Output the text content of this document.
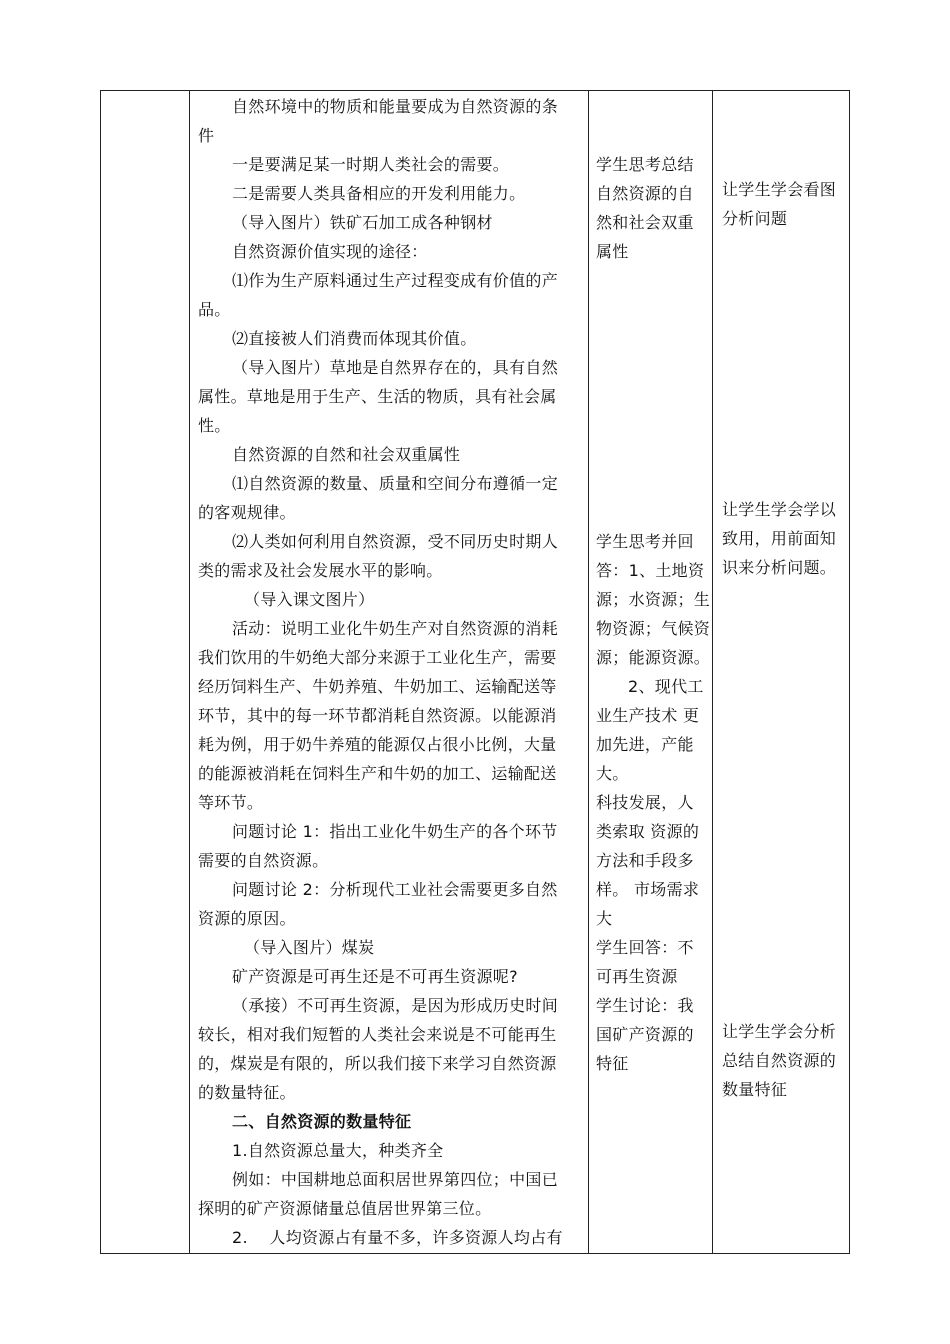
自然环境中的物质和能量要成为自然资源的条
件
一是要满足某一时期人类社会的需要。
二是需要人类具备相应的开发利用能力。
（导入图片）铁矿石加工成各种钢材
自然资源价值实现的途径：
⑴作为生产原料通过生产过程变成有价值的产
品。
⑵直接被人们消费而体现其价值。
（导入图片）草地是自然界存在的，具有自然
属性。草地是用于生产、生活的物质，具有社会属
性。
自然资源的自然和社会双重属性
⑴自然资源的数量、质量和空间分布遵循一定
的客观规律。
⑵人类如何利用自然资源，受不同历史时期人
类的需求及社会发展水平的影响。
（导入课文图片）
活动：说明工业化牛奶生产对自然资源的消耗
我们饮用的牛奶绝大部分来源于工业化生产，需要
经历饲料生产、牛奶养殖、牛奶加工、运输配送等
环节，其中的每一环节都消耗自然资源。以能源消
耗为例，用于奶牛养殖的能源仅占很小比例，大量
的能源被消耗在饲料生产和牛奶的加工、运输配送
等环节。
问题讨论 1：指出工业化牛奶生产的各个环节
需要的自然资源。
问题讨论 2：分析现代工业社会需要更多自然
资源的原因。
（导入图片）煤炭
矿产资源是可再生还是不可再生资源呢?
（承接）不可再生资源，是因为形成历史时间
较长，相对我们短暂的人类社会来说是不可能再生
的，煤炭是有限的，所以我们接下来学习自然资源
的数量特征。
二、自然资源的数量特征
1.自然资源总量大，种类齐全
例如：中国耕地总面积居世界第四位；中国已
探明的矿产资源储量总值居世界第三位。
2.    人均资源占有量不多，许多资源人均占有
学生思考总结
自然资源的自
然和社会双重
属性
学生思考并回
答：1、土地资
源；水资源；生
物资源；气候资
源；能源资源。
2、现代工
业生产技术 更
加先进，产能
大。
科技发展，人
类索取 资源的
方法和手段多
样。 市场需求
大
学生回答：不
可再生资源
学生讨论：我
国矿产资源的
特征
让学生学会看图
分析问题
让学生学会学以
致用，用前面知
识来分析问题。
让学生学会分析
总结自然资源的
数量特征
